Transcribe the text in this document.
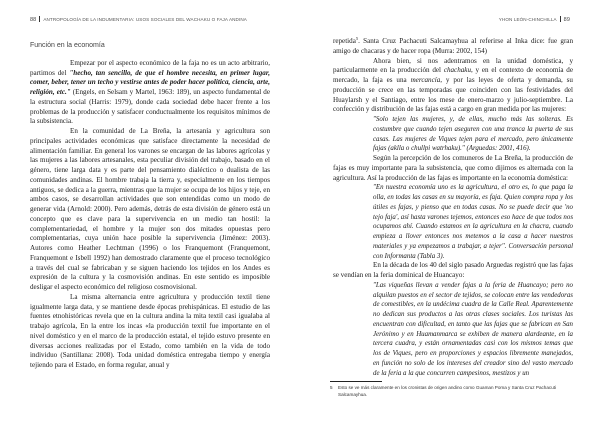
88 ANTROPOLOGÍA DE LA INDUMENTARIA: USOS SOCIALES DEL WACHAKU O FAJA ANDINA
Función en la economía

Empezar por el aspecto económico de la faja no es un acto arbitrario, partimos del "hecho, tan sencillo, de que el hombre necesita, en primer lugar, comer, beber, tener un techo y vestirse antes de poder hacer política, ciencia, arte, religión, etc." (Engels, en Selsam y Martel, 1963: 189), un aspecto fundamental de la estructura social (Harris: 1979), donde cada sociedad debe hacer frente a los problemas de la producción y satisfacer conductualmente los requisitos mínimos de la subsistencia.

En la comunidad de La Breña, la artesanía y agricultura son principales actividades económicas que satisface directamente la necesidad de alimentación familiar. En general los varones se encargan de las labores agrícolas y las mujeres a las labores artesanales, esta peculiar división del trabajo, basado en el género, tiene larga data y es parte del pensamiento dialéctico o dualista de las comunidades andinas. El hombre trabaja la tierra y, especialmente en los tiempos antiguos, se dedica a la guerra, mientras que la mujer se ocupa de los hijos y teje, en ambos casos, se desarrollan actividades que son entendidas como un modo de generar vida (Arnold: 2000). Pero además, detrás de esta división de género está un concepto que es clave para la supervivencia en un medio tan hostil: la complementariedad, el hombre y la mujer son dos mitades opuestas pero complementarias, cuya unión hace posible la supervivencia (Jiménez: 2003). Autores como Heather Lechtman (1996) o los Franquemont (Franquemont, Franquemont e Isbell 1992) han demostrado claramente que el proceso tecnológico a través del cual se fabricaban y se siguen haciendo los tejidos en los Andes es expresión de la cultura y la cosmovisión andinas. En este sentido es imposible desligar el aspecto económico del religioso cosmovisional.

La misma alternancia entre agricultura y producción textil tiene igualmente larga data, y se mantiene desde épocas prehispánicas. El estudio de las fuentes etnohistóricas revela que en la cultura andina la mita textil casi igualaba al trabajo agrícola, En la entre los incas «la producción textil fue importante en el nivel doméstico y en el marco de la producción estatal, el tejido estuvo presente en diversas acciones realizadas por el Estado, como también en la vida de todo individuo (Santillana: 2008). Toda unidad doméstica entregaba tiempo y energía tejiendo para el Estado, en forma regular, anual y

YHON LEÓN-CHINCHILLA 89

repetida$^5$. Santa Cruz Pachacuti Salcamayhua al referirse al Inka dice: fue gran amigo de chacaras y de hacer ropa (Murra: 2002, 154)

Ahora bien, si nos adentramos en la unidad doméstica, y particularmente en la producción del chachaku, y en el contexto de economía de mercado, la faja es una mercancía, y por las leyes de oferta y demanda, su producción se crece en las temporadas que coinciden con las festividades del Huaylarsh y el Santiago, entre los mese de enero-marzo y julio-septiembre. La confección y distribución de las fajas está a cargo en gran medida por las mujeres:

"Solo tejen las mujeres, y, de ellas, mucho más las solteras. Es costumbre que cuando tejen aseguren con una tranca la puerta de sus casas. Las mujeres de Viques tejen para el mercado, pero únicamente fajas (aklla o chullpi watrhaku)." (Arguedas: 2001, 416).

Según la percepción de los comuneros de La Breña, la producción de fajas es muy importante para la subsistencia, que como dijimos es alternada con la agricultura. Así la producción de las fajas es importante en la economía doméstica:

"En nuestra economía uno es la agricultura, el otro es, lo que paga la olla, en todas las casas en su mayoría, es faja. Quien compra ropa y los útiles es fajas, y pienso que en todas casas. No se puede decir que 'no tejo faja', así hasta varones tejemos, entonces eso hace de que todos nos ocupamos ahí. Cuando estamos en la agricultura en la chacra, cuando empieza a llover entonces nos metemos a la casa a hacer nuestros materiales y ya empezamos a trabajar, a tejer". Conversación personal con Informanta (Tabla 3).

En la década de los 40 del siglo pasado Arguedas registró que las fajas se vendían en la feria dominical de Huancayo:

"Las viqueñas llevan a vender fajas a la feria de Huancayo; pero no alquilan puestos en el sector de tejidos, se colocan entre las vendedoras de comestibles, en la undécima cuadra de la Calle Real. Aparentemente no dedican sus productos a las otras clases sociales. Los turistas las encuentran con dificultad, en tanto que las fajas que se fabrican en San Jerónimo y en Huamanmarca se exhiben de manera alardeante, en la tercera cuadra, y están ornamentadas casi con los mismos temas que los de Viques, pero en proporciones y espacios libremente manejados, en función no solo de los intereses del creador sino del vasto mercado de la feria a la que concurren campesinos, mestizos y un

5	Esto se ve más claramente en los cronistas de origen andino como Guaman Poma y Santa Cruz Pachacuti Salcamayhua.
